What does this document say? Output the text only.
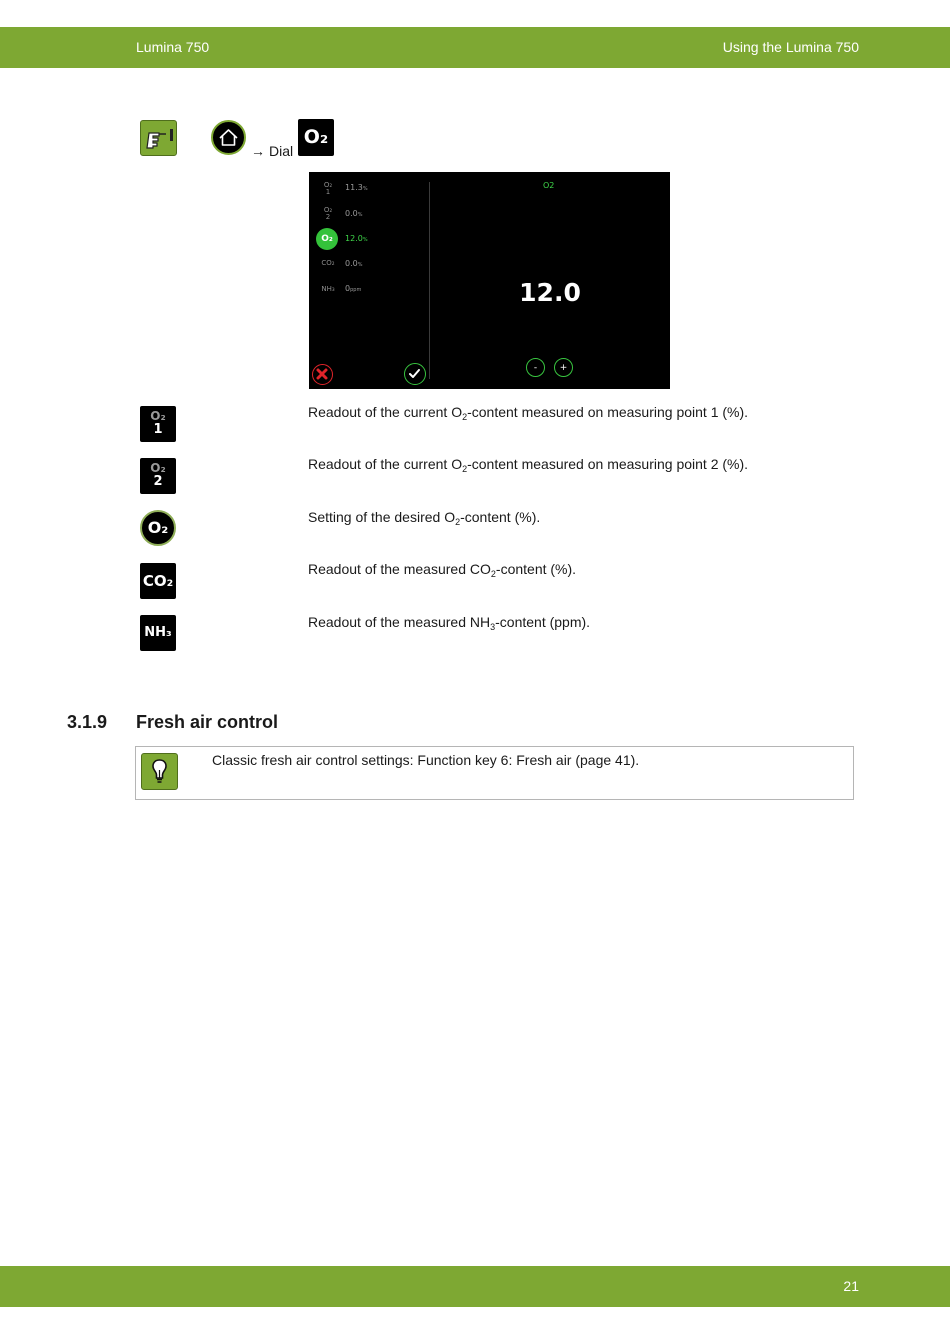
Lumina 750	Using the Lumina 750
→ Dial
O₂
O₂
1	11.3%
O₂
2	0.0%
O₂	12.0%
CO₂	0.0%
NH₃	0ppm
O2
12.0
-	+
O₂
1
Readout of the current $O_2$-content measured on measuring point 1 (%).
O₂
2
Readout of the current $O_2$-content measured on measuring point 2 (%).
O₂
Setting of the desired $O_2$-content (%).
CO₂
Readout of the measured $CO_2$-content (%).
NH₃
Readout of the measured $NH_3$-content (ppm).
3.1.9 Fresh air control
Classic fresh air control settings: Function key 6: Fresh air (page 41).
21
